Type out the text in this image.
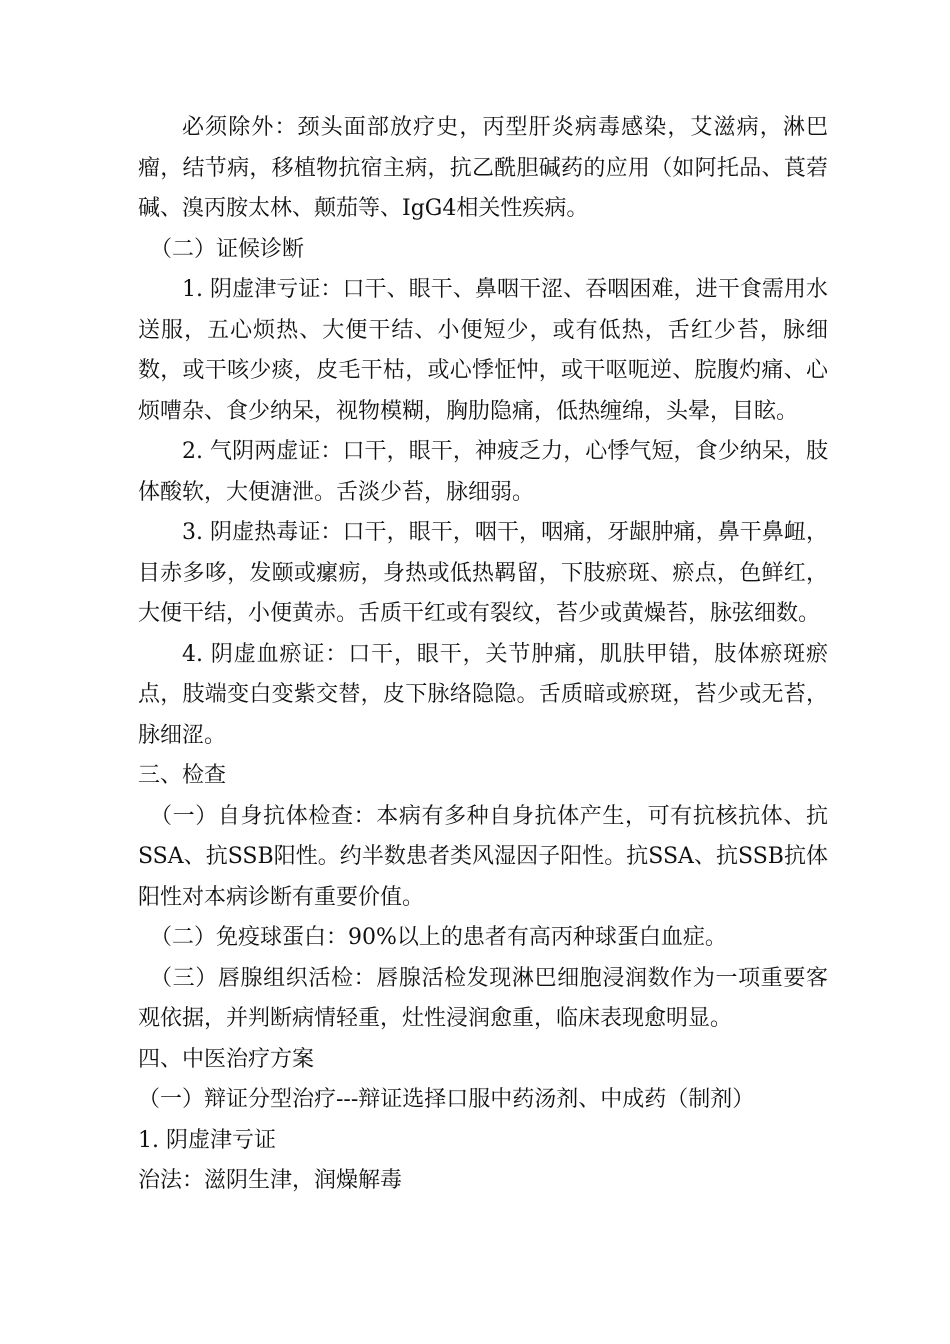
必须除外：颈头面部放疗史，丙型肝炎病毒感染，艾滋病，淋巴瘤，结节病，移植物抗宿主病，抗乙酰胆碱药的应用（如阿托品、莨菪碱、溴丙胺太林、颠茄等、IgG4相关性疾病。

（二）证候诊断

1. 阴虚津亏证：口干、眼干、鼻咽干涩、吞咽困难，进干食需用水送服，五心烦热、大便干结、小便短少，或有低热，舌红少苔，脉细数，或干咳少痰，皮毛干枯，或心悸怔忡，或干呕呃逆、脘腹灼痛、心烦嘈杂、食少纳呆，视物模糊，胸肋隐痛，低热缠绵，头晕，目眩。

2. 气阴两虚证：口干，眼干，神疲乏力，心悸气短，食少纳呆，肢体酸软，大便溏泄。舌淡少苔，脉细弱。

3. 阴虚热毒证：口干，眼干，咽干，咽痛，牙龈肿痛，鼻干鼻衄，目赤多哆，发颐或瘰疬，身热或低热羁留，下肢瘀斑、瘀点，色鲜红，大便干结，小便黄赤。舌质干红或有裂纹，苔少或黄燥苔，脉弦细数。

4. 阴虚血瘀证：口干，眼干，关节肿痛，肌肤甲错，肢体瘀斑瘀点，肢端变白变紫交替，皮下脉络隐隐。舌质暗或瘀斑，苔少或无苔，脉细涩。

三、检查

（一）自身抗体检查：本病有多种自身抗体产生，可有抗核抗体、抗SSA、抗SSB阳性。约半数患者类风湿因子阳性。抗SSA、抗SSB抗体阳性对本病诊断有重要价值。

（二）免疫球蛋白：90%以上的患者有高丙种球蛋白血症。

（三）唇腺组织活检：唇腺活检发现淋巴细胞浸润数作为一项重要客观依据，并判断病情轻重，灶性浸润愈重，临床表现愈明显。

四、中医治疗方案

（一）辩证分型治疗---辩证选择口服中药汤剂、中成药（制剂）

1. 阴虚津亏证

治法：滋阴生津，润燥解毒
